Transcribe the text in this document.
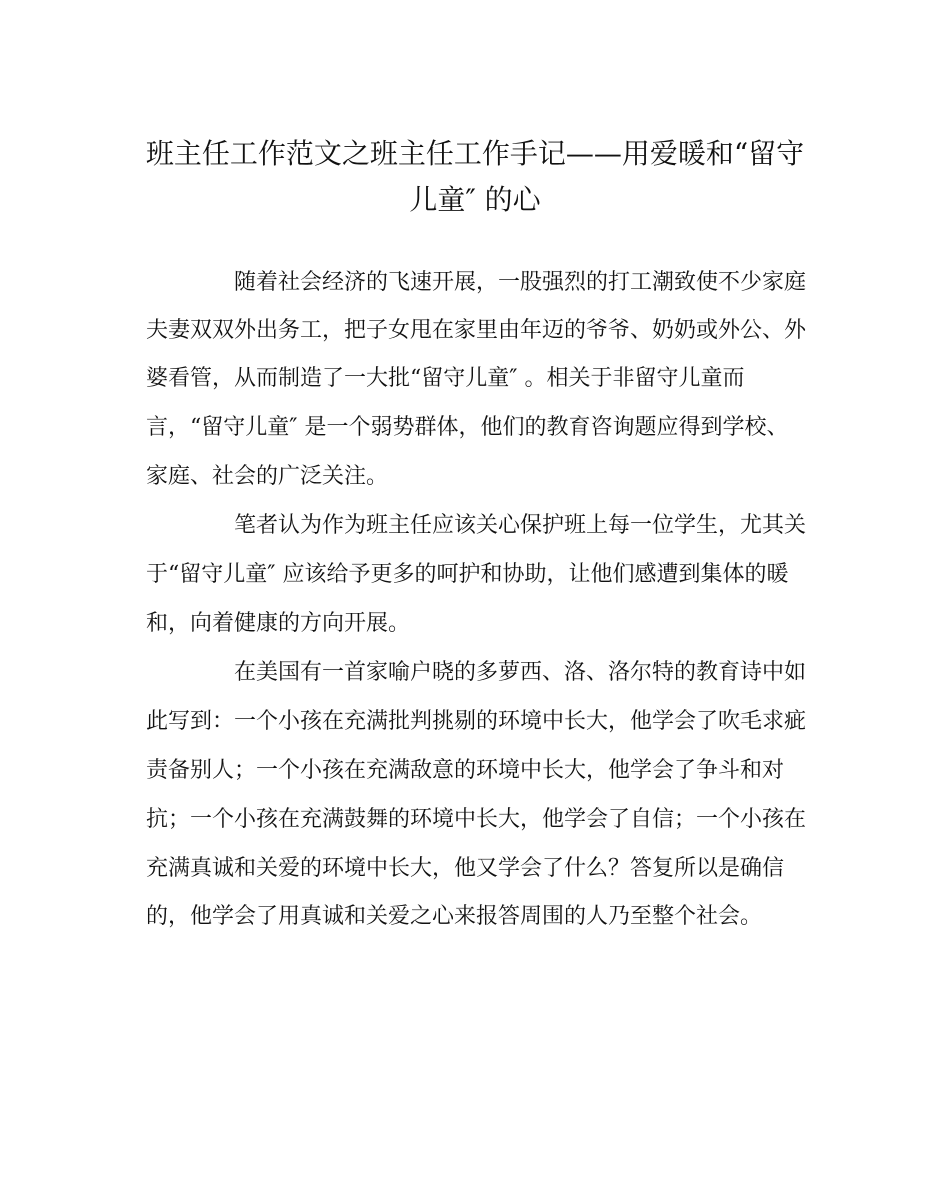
班主任工作范文之班主任工作手记——用爱暖和“留守
儿童″ 的心
随着社会经济的飞速开展，一股强烈的打工潮致使不少家庭
夫妻双双外出务工，把子女甩在家里由年迈的爷爷、奶奶或外公、外
婆看管，从而制造了一大批“留守儿童″ 。相关于非留守儿童而
言，“留守儿童″ 是一个弱势群体，他们的教育咨询题应得到学校、
家庭、社会的广泛关注。
笔者认为作为班主任应该关心保护班上每一位学生，尤其关
于“留守儿童″ 应该给予更多的呵护和协助，让他们感遭到集体的暖
和，向着健康的方向开展。
在美国有一首家喻户晓的多萝西、洛、洛尔特的教育诗中如
此写到：一个小孩在充满批判挑剔的环境中长大，他学会了吹毛求疵
责备别人；一个小孩在充满敌意的环境中长大，他学会了争斗和对
抗；一个小孩在充满鼓舞的环境中长大，他学会了自信；一个小孩在
充满真诚和关爱的环境中长大，他又学会了什么？答复所以是确信
的，他学会了用真诚和关爱之心来报答周围的人乃至整个社会。
